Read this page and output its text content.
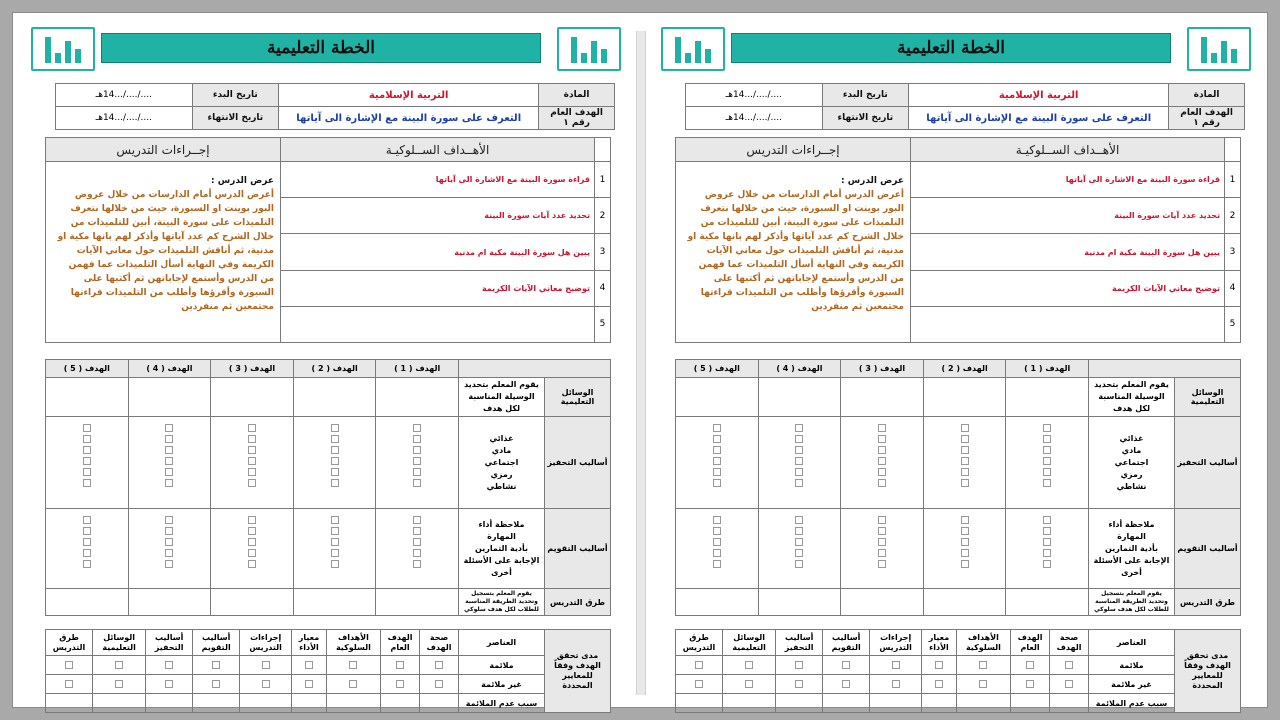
الخطة التعليمية
المادة	التربية الإسلامية	تاريخ البدء	..../..../...14هـ
الهدف العام رقم ١	التعرف على سورة البينة مع الإشارة الى آياتها	تاريخ الانتهاء	..../..../...14هـ
	الأهــداف الســلوكيـة	إجــراءات التدريس
1	قراءة سورة البينة مع الاشارة الى آياتها	عرض الدرس :
أعرض الدرس أمام الدارسات من خلال عروض البور بوينت او السبورة، حيث من خلالها نتعرف التلميذات على سورة البينة، أبين للتلميذات من خلال الشرح كم عدد آياتها وأذكر لهم بانها مكية او مدنية، ثم أناقش التلميذات حول معاني الآيات الكريمة وفي النهاية أسأل التلميذات عما فهمن من الدرس وأستمع لإجاباتهن ثم أكتبها على السبورة وأقرؤها وأطلب من التلميذات قراءتها مجتمعين ثم منفردين

2	تحديد عدد آيات سورة البينة	
3	يبين هل سورة البينة مكية ام مدنية	
4	توضيح معاني الآيات الكريمة	
5		
		الهدف ( 1 )	الهدف ( 2 )	الهدف ( 3 )	الهدف ( 4 )	الهدف ( 5 )
الوسائل التعليمية	يقوم المعلم بتحديد الوسيلة المناسبة لكل هدف					
أساليب التحفيز	غذائي
مادي
اجتماعي
رمزي
نشاطي					

أساليب التقويم	ملاحظة أداء
المهارة
بأدية التمارين
الإجابة على الأسئلة
أخرى					

طرق التدريس	يقوم المعلم بتسجيل وتحديد الطريقة المناسبة للطلاب لكل هدف سلوكي					
مدى تحقق الهدف وفقاً للمعايير المحددة	العناصر	صحة الهدف	الهدف العام	الأهداف السلوكية	معيار الأداء	إجراءات التدريس	أساليب التقويم	أساليب التحفيز	الوسائل التعليمية	طرق التدريس
	ملائمة	

	غير ملائمة	

	سبب عدم الملائمة									
الخطة التعليمية
المادة	التربية الإسلامية	تاريخ البدء	..../..../...14هـ
الهدف العام رقم ١	التعرف على سورة البينة مع الإشارة الى آياتها	تاريخ الانتهاء	..../..../...14هـ
	الأهــداف الســلوكيـة	إجــراءات التدريس
1	قراءة سورة البينة مع الاشارة الى آياتها	عرض الدرس :
أعرض الدرس أمام الدارسات من خلال عروض البور بوينت او السبورة، حيث من خلالها نتعرف التلميذات على سورة البينة، أبين للتلميذات من خلال الشرح كم عدد آياتها وأذكر لهم بانها مكية او مدنية، ثم أناقش التلميذات حول معاني الآيات الكريمة وفي النهاية أسأل التلميذات عما فهمن من الدرس وأستمع لإجاباتهن ثم أكتبها على السبورة وأقرؤها وأطلب من التلميذات قراءتها مجتمعين ثم منفردين

2	تحديد عدد آيات سورة البينة	
3	يبين هل سورة البينة مكية ام مدنية	
4	توضيح معاني الآيات الكريمة	
5		
		الهدف ( 1 )	الهدف ( 2 )	الهدف ( 3 )	الهدف ( 4 )	الهدف ( 5 )
الوسائل التعليمية	يقوم المعلم بتحديد الوسيلة المناسبة لكل هدف					
أساليب التحفيز	غذائي
مادي
اجتماعي
رمزي
نشاطي					

أساليب التقويم	ملاحظة أداء
المهارة
بأدية التمارين
الإجابة على الأسئلة
أخرى					

طرق التدريس	يقوم المعلم بتسجيل وتحديد الطريقة المناسبة للطلاب لكل هدف سلوكي					
مدى تحقق الهدف وفقاً للمعايير المحددة	العناصر	صحة الهدف	الهدف العام	الأهداف السلوكية	معيار الأداء	إجراءات التدريس	أساليب التقويم	أساليب التحفيز	الوسائل التعليمية	طرق التدريس
	ملائمة	

	غير ملائمة	

	سبب عدم الملائمة									
